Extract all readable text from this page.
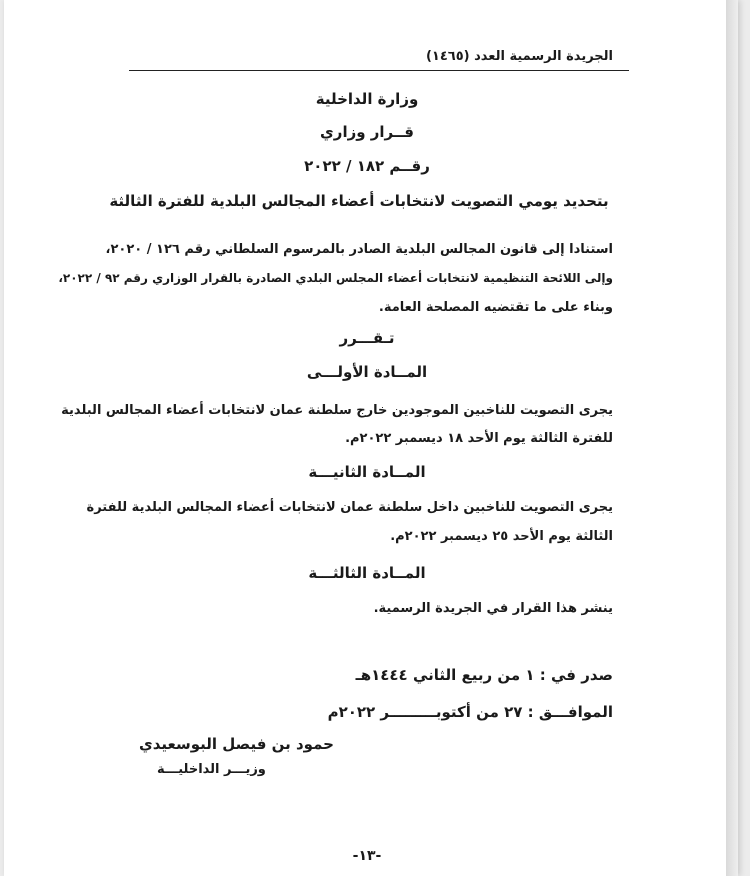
الجريدة الرسمية العدد (١٤٦٥)
وزارة الداخلية
قــرار وزاري
رقــم ١٨٢ / ٢٠٢٢
بتحديد يومي التصويت لانتخابات أعضاء المجالس البلدية للفترة الثالثة
استنادا إلى قانون المجالس البلدية الصادر بالمرسوم السلطاني رقم ١٢٦ / ٢٠٢٠،
وإلى اللائحة التنظيمية لانتخابات أعضاء المجلس البلدي الصادرة بالقرار الوزاري رقم ٩٢ / ٢٠٢٢،
وبناء على ما تقتضيه المصلحة العامة.
تـقـــرر
المــادة الأولـــى
يجرى التصويت للناخبين الموجودين خارج سلطنة عمان لانتخابات أعضاء المجالس البلدية
للفترة الثالثة يوم الأحد ١٨ ديسمبر ٢٠٢٢م.
المــادة الثانيـــة
يجرى التصويت للناخبين داخل سلطنة عمان لانتخابات أعضاء المجالس البلدية للفترة
الثالثة يوم الأحد ٢٥ ديسمبر ٢٠٢٢م.
المــادة الثالثـــة
ينشر هذا القرار في الجريدة الرسمية.
صدر في : ١ من ربيع الثاني ١٤٤٤هـ
الموافـــق : ٢٧ من أكتوبـــــــــر ٢٠٢٢م
حمود بن فيصل البوسعيدي
وزيـــر الداخليـــة
-١٣-
